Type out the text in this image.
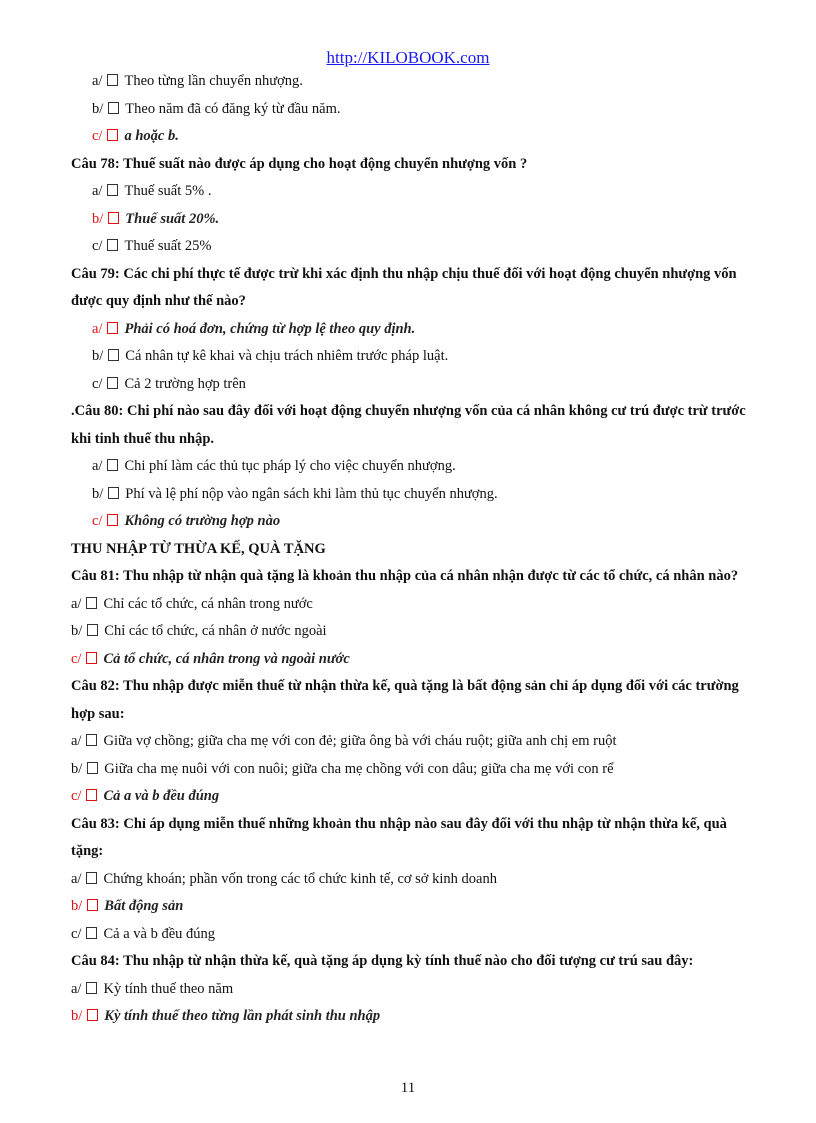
http://KILOBOOK.com
a/ Theo từng lần chuyển nhượng.
b/ Theo năm đã có đăng ký từ đầu năm.
c/ a hoặc b.
Câu 78: Thuế suất nào được áp dụng cho hoạt động chuyển nhượng vốn ?
a/ Thuế suất 5% .
b/ Thuế suất 20%.
c/ Thuế suất 25%
Câu 79: Các chi phí thực tế được trừ khi xác định thu nhập chịu thuế đối với hoạt động chuyển nhượng vốn được quy định như thế nào?
a/ Phải có hoá đơn, chứng từ hợp lệ theo quy định.
b/ Cá nhân tự kê khai và chịu trách nhiêm trước pháp luật.
c/ Cả 2 trường hợp trên
.Câu 80: Chi phí nào sau đây đối với hoạt động chuyển nhượng vốn của cá nhân không cư trú được trừ trước khi tinh thuế thu nhập.
a/ Chi phí làm các thủ tục pháp lý cho việc chuyển nhượng.
b/ Phí và lệ phí nộp vào ngân sách khi làm thủ tục chuyển nhượng.
c/ Không có trường hợp nào
THU NHẬP TỪ THỪA KẾ, QUÀ TẶNG
Câu 81: Thu nhập từ nhận quà tặng là khoản thu nhập của cá nhân nhận được từ các tổ chức, cá nhân nào?
a/ Chỉ các tổ chức, cá nhân trong nước
b/ Chỉ các tổ chức, cá nhân ở nước ngoài
c/ Cả tổ chức, cá nhân trong và ngoài nước
Câu 82: Thu nhập được miễn thuế từ nhận thừa kế, quà tặng là bất động sản chỉ áp dụng đối với các trường hợp sau:
a/ Giữa vợ chồng; giữa cha mẹ với con đẻ; giữa ông bà với cháu ruột; giữa anh chị em ruột
b/ Giữa cha mẹ nuôi với con nuôi; giữa cha mẹ chồng với con dâu; giữa cha mẹ với con rể
c/ Cả a và b đều đúng
Câu 83: Chỉ áp dụng miễn thuế những khoản thu nhập nào sau đây đối với thu nhập từ nhận thừa kế, quà tặng:
a/ Chứng khoán; phần vốn trong các tổ chức kinh tế, cơ sở kinh doanh
b/ Bất động sản
c/ Cả a và b đều đúng
Câu 84: Thu nhập từ nhận thừa kế, quà tặng áp dụng kỳ tính thuế nào cho đối tượng cư trú sau đây:
a/ Kỳ tính thuế theo năm
b/ Kỳ tính thuế theo từng lần phát sinh thu nhập
11
